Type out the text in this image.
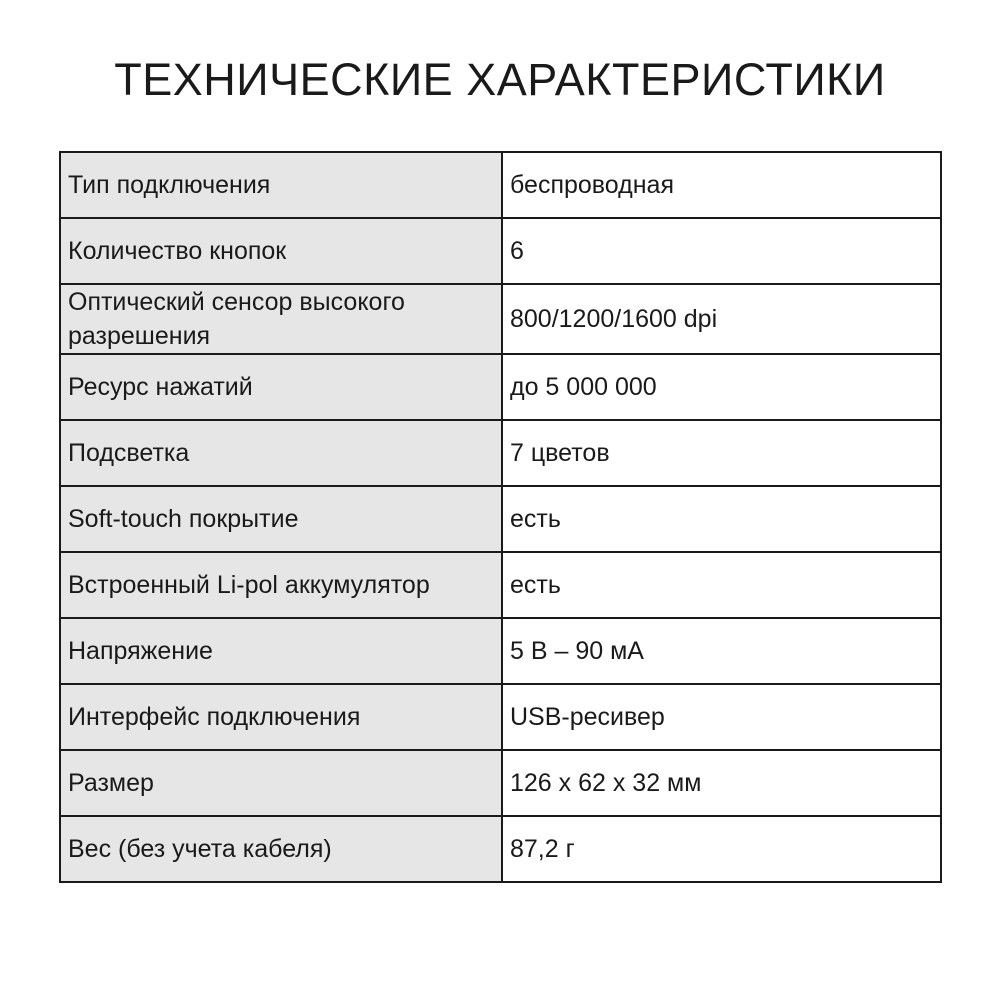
ТЕХНИЧЕСКИЕ ХАРАКТЕРИСТИКИ
Тип подключения	беспроводная
Количество кнопок	6
Оптический сенсор высокого разрешения	800/1200/1600 dpi
Ресурс нажатий	до 5 000 000
Подсветка	7 цветов
Soft-touch покрытие	есть
Встроенный Li-pol аккумулятор	есть
Напряжение	5 В – 90 мА
Интерфейс подключения	USB-ресивер
Размер	126 х 62 х 32 мм
Вес (без учета кабеля)	87,2 г
